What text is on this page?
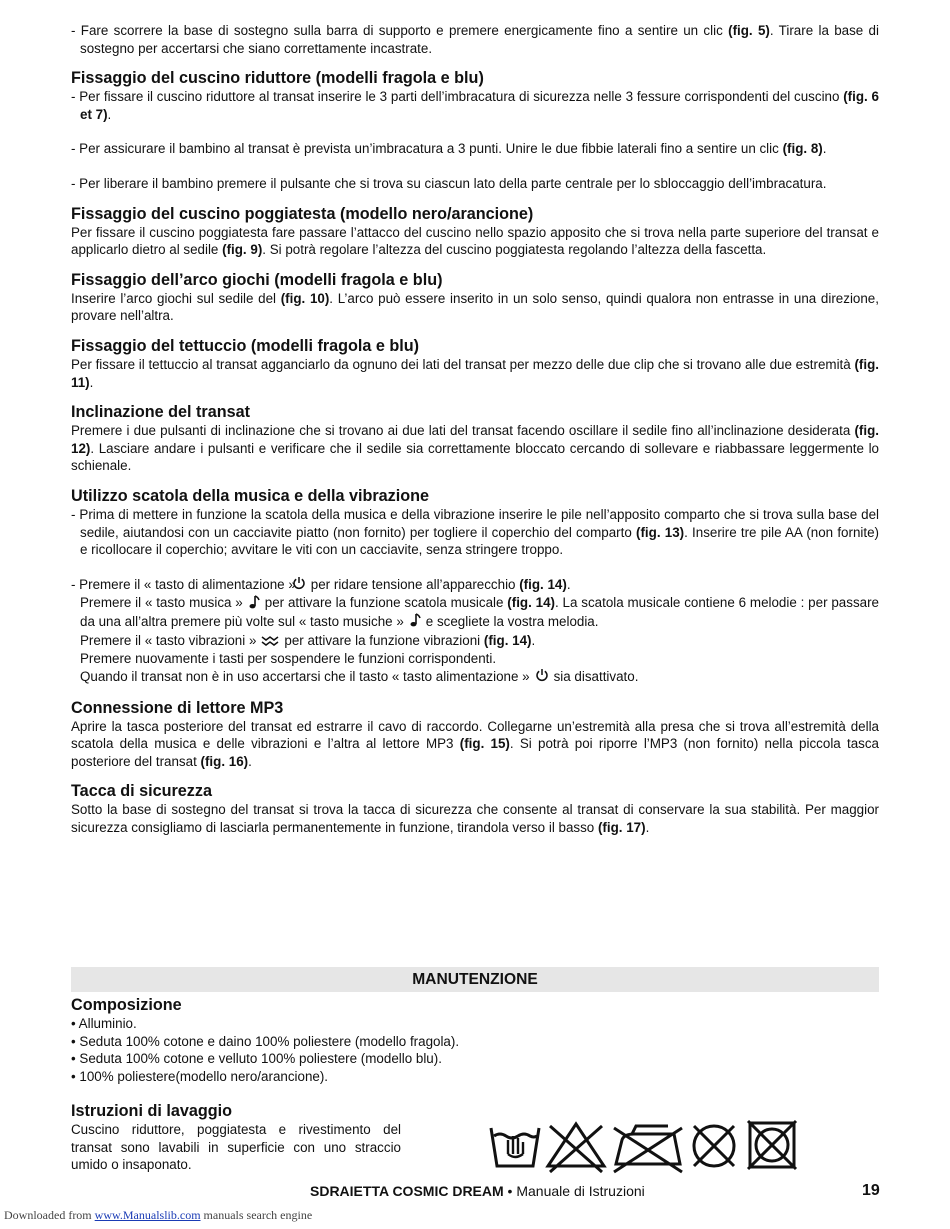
- Fare scorrere la base di sostegno sulla barra di supporto e premere energicamente fino a sentire un clic (fig. 5). Tirare la base di sostegno per accertarsi che siano correttamente incastrate.

Fissaggio del cuscino riduttore (modelli fragola e blu)

- Per fissare il cuscino riduttore al transat inserire le 3 parti dell’imbracatura di sicurezza nelle 3 fessure corrispondenti del cuscino (fig. 6 et 7).

- Per assicurare il bambino al transat è prevista un’imbracatura a 3 punti. Unire le due fibbie laterali fino a sentire un clic (fig. 8).

- Per liberare il bambino premere il pulsante che si trova su ciascun lato della parte centrale per lo sbloccaggio dell’imbracatura.

Fissaggio del cuscino poggiatesta (modello nero/arancione)

Per fissare il cuscino poggiatesta fare passare l’attacco del cuscino nello spazio apposito che si trova nella parte superiore del transat e applicarlo dietro al sedile (fig. 9). Si potrà regolare l’altezza del cuscino poggiatesta regolando l’altezza della fascetta.

Fissaggio dell’arco giochi (modelli fragola e blu)

Inserire l’arco giochi sul sedile del (fig. 10). L’arco può essere inserito in un solo senso, quindi qualora non entrasse in una direzione, provare nell’altra.

Fissaggio del tettuccio (modelli fragola e blu)

Per fissare il tettuccio al transat agganciarlo da ognuno dei lati del transat per mezzo delle due clip che si trovano alle due estremità (fig. 11).

Inclinazione del transat

Premere i due pulsanti di inclinazione che si trovano ai due lati del transat facendo oscillare il sedile fino all’inclinazione desiderata (fig. 12). Lasciare andare i pulsanti e verificare che il sedile sia correttamente bloccato cercando di sollevare e riabbassare leggermente lo schienale.

Utilizzo scatola della musica e della vibrazione

- Prima di mettere in funzione la scatola della musica e della vibrazione inserire le pile nell’apposito comparto che si trova sulla base del sedile, aiutandosi con un cacciavite piatto (non fornito) per togliere il coperchio del comparto (fig. 13). Inserire tre pile AA (non fornite) e ricollocare il coperchio; avvitare le viti con un cacciavite, senza stringere troppo.

- Premere il « tasto di alimentazione » per ridare tensione all’apparecchio (fig. 14).

Premere il « tasto musica » per attivare la funzione scatola musicale (fig. 14). La scatola musicale contiene 6 melodie : per passare da una all’altra premere più volte sul « tasto musiche » e scegliete la vostra melodia.

Premere il « tasto vibrazioni » per attivare la funzione vibrazioni (fig. 14).

Premere nuovamente i tasti per sospendere le funzioni corrispondenti.

Quando il transat non è in uso accertarsi che il tasto « tasto alimentazione » sia disattivato.

Connessione di lettore MP3

Aprire la tasca posteriore del transat ed estrarre il cavo di raccordo. Collegarne un’estremità alla presa che si trova all’estremità della scatola della musica e delle vibrazioni e l’altra al lettore MP3 (fig. 15). Si potrà poi riporre l’MP3 (non fornito) nella piccola tasca posteriore del transat (fig. 16).

Tacca di sicurezza

Sotto la base di sostegno del transat si trova la tacca di sicurezza che consente al transat di conservare la sua stabilità. Per maggior sicurezza consigliamo di lasciarla permanentemente in funzione, tirandola verso il basso (fig. 17).

MANUTENZIONE
Composizione

• Alluminio.

• Seduta 100% cotone e daino 100% poliestere (modello fragola).

• Seduta 100% cotone e velluto 100% poliestere (modello blu).

• 100% poliestere(modello nero/arancione).

Istruzioni di lavaggio

Cuscino riduttore, poggiatesta e rivestimento del transat sono lavabili in superficie con uno straccio umido o insaponato.

SDRAIETTA COSMIC DREAM • Manuale di Istruzioni	19
Downloaded from www.Manualslib.com manuals search engine
